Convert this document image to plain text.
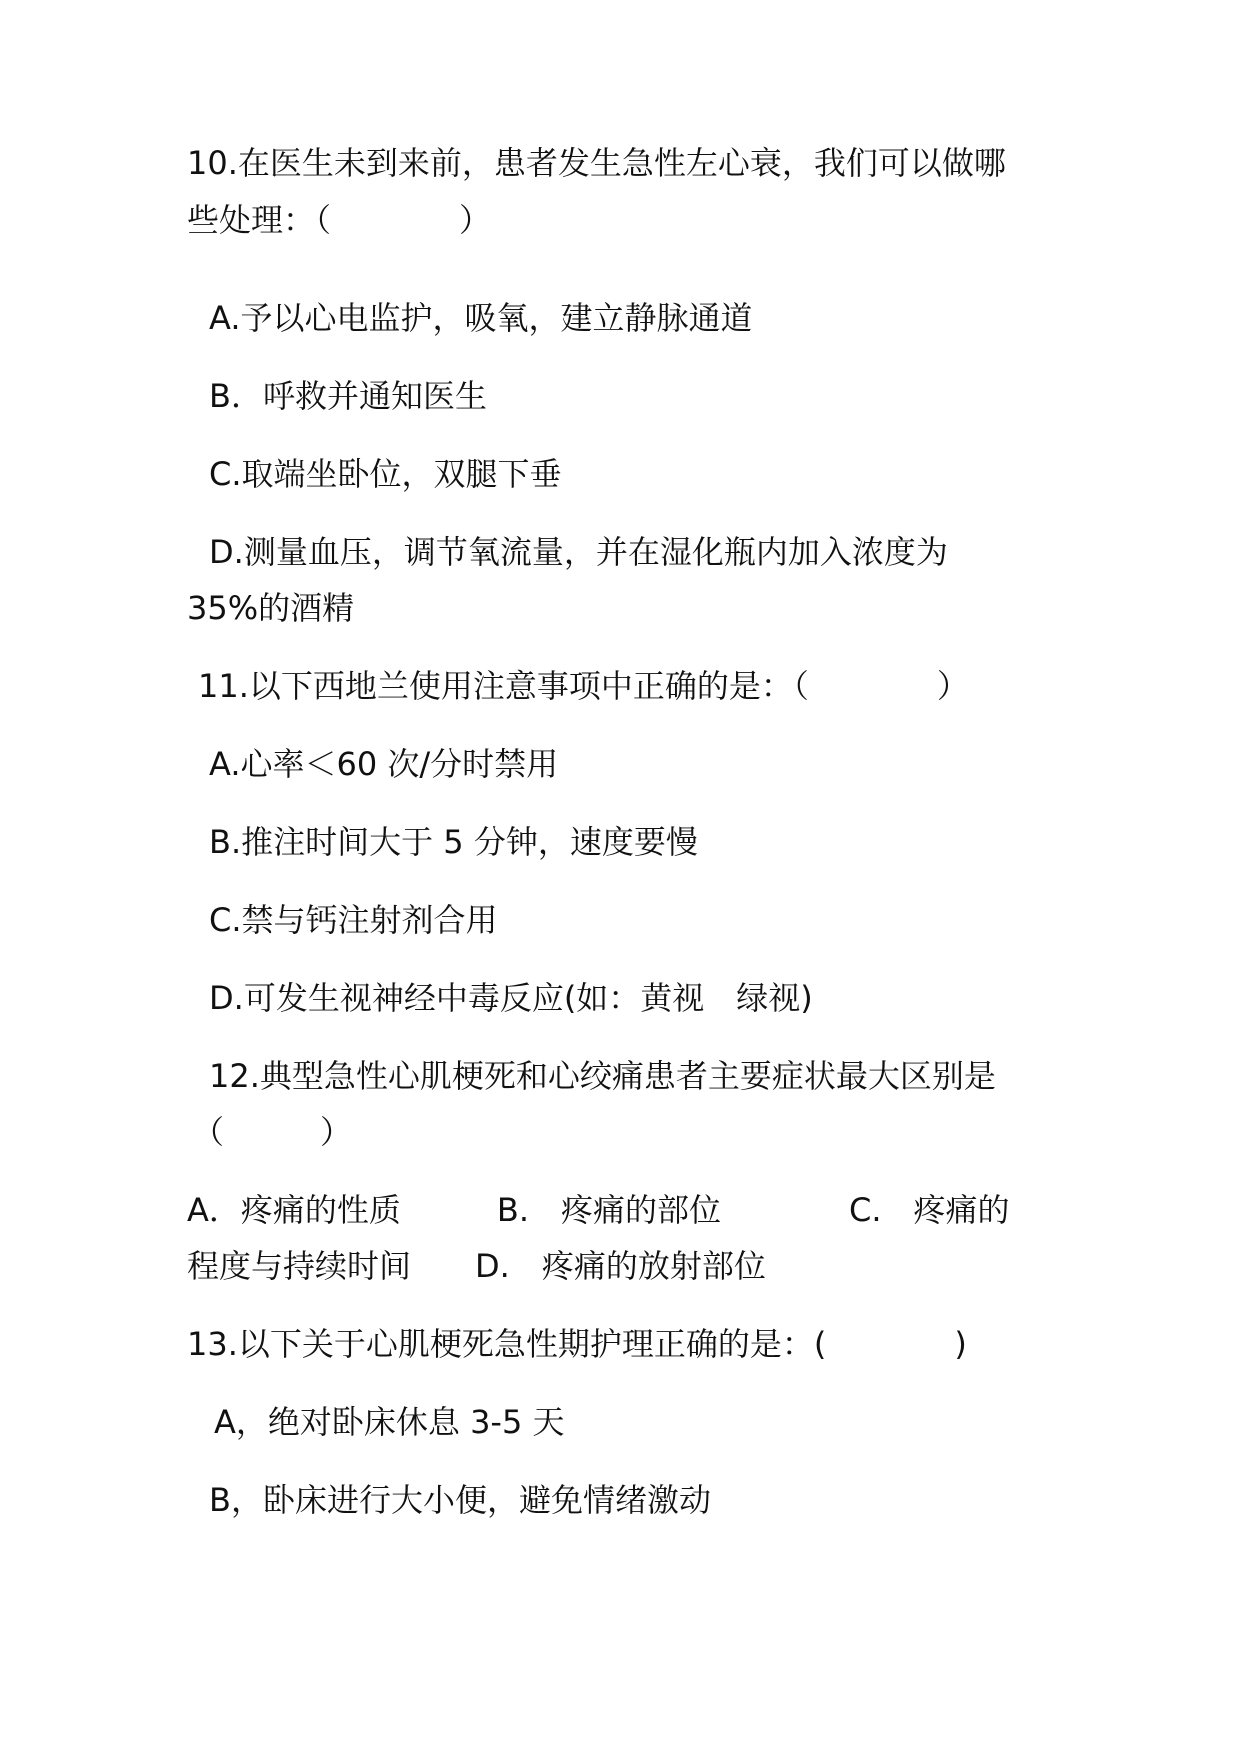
10.在医生未到来前，患者发生急性左心衰，我们可以做哪

些处理：（　　　　）

A.予以心电监护，吸氧，建立静脉通道

B．呼救并通知医生

C.取端坐卧位，双腿下垂

D.测量血压，调节氧流量，并在湿化瓶内加入浓度为

35%的酒精

11.以下西地兰使用注意事项中正确的是：（　　　　）

A.心率＜60 次/分时禁用

B.推注时间大于 5 分钟，速度要慢

C.禁与钙注射剂合用

D.可发生视神经中毒反应(如：黄视　绿视)

12.典型急性心肌梗死和心绞痛患者主要症状最大区别是

（　　　）

A．疼痛的性质　　　B.　疼痛的部位　　　　C.　疼痛的

程度与持续时间　　D.　疼痛的放射部位

13.以下关于心肌梗死急性期护理正确的是：(　　　　)

A，绝对卧床休息 3-5 天

B，卧床进行大小便，避免情绪激动
